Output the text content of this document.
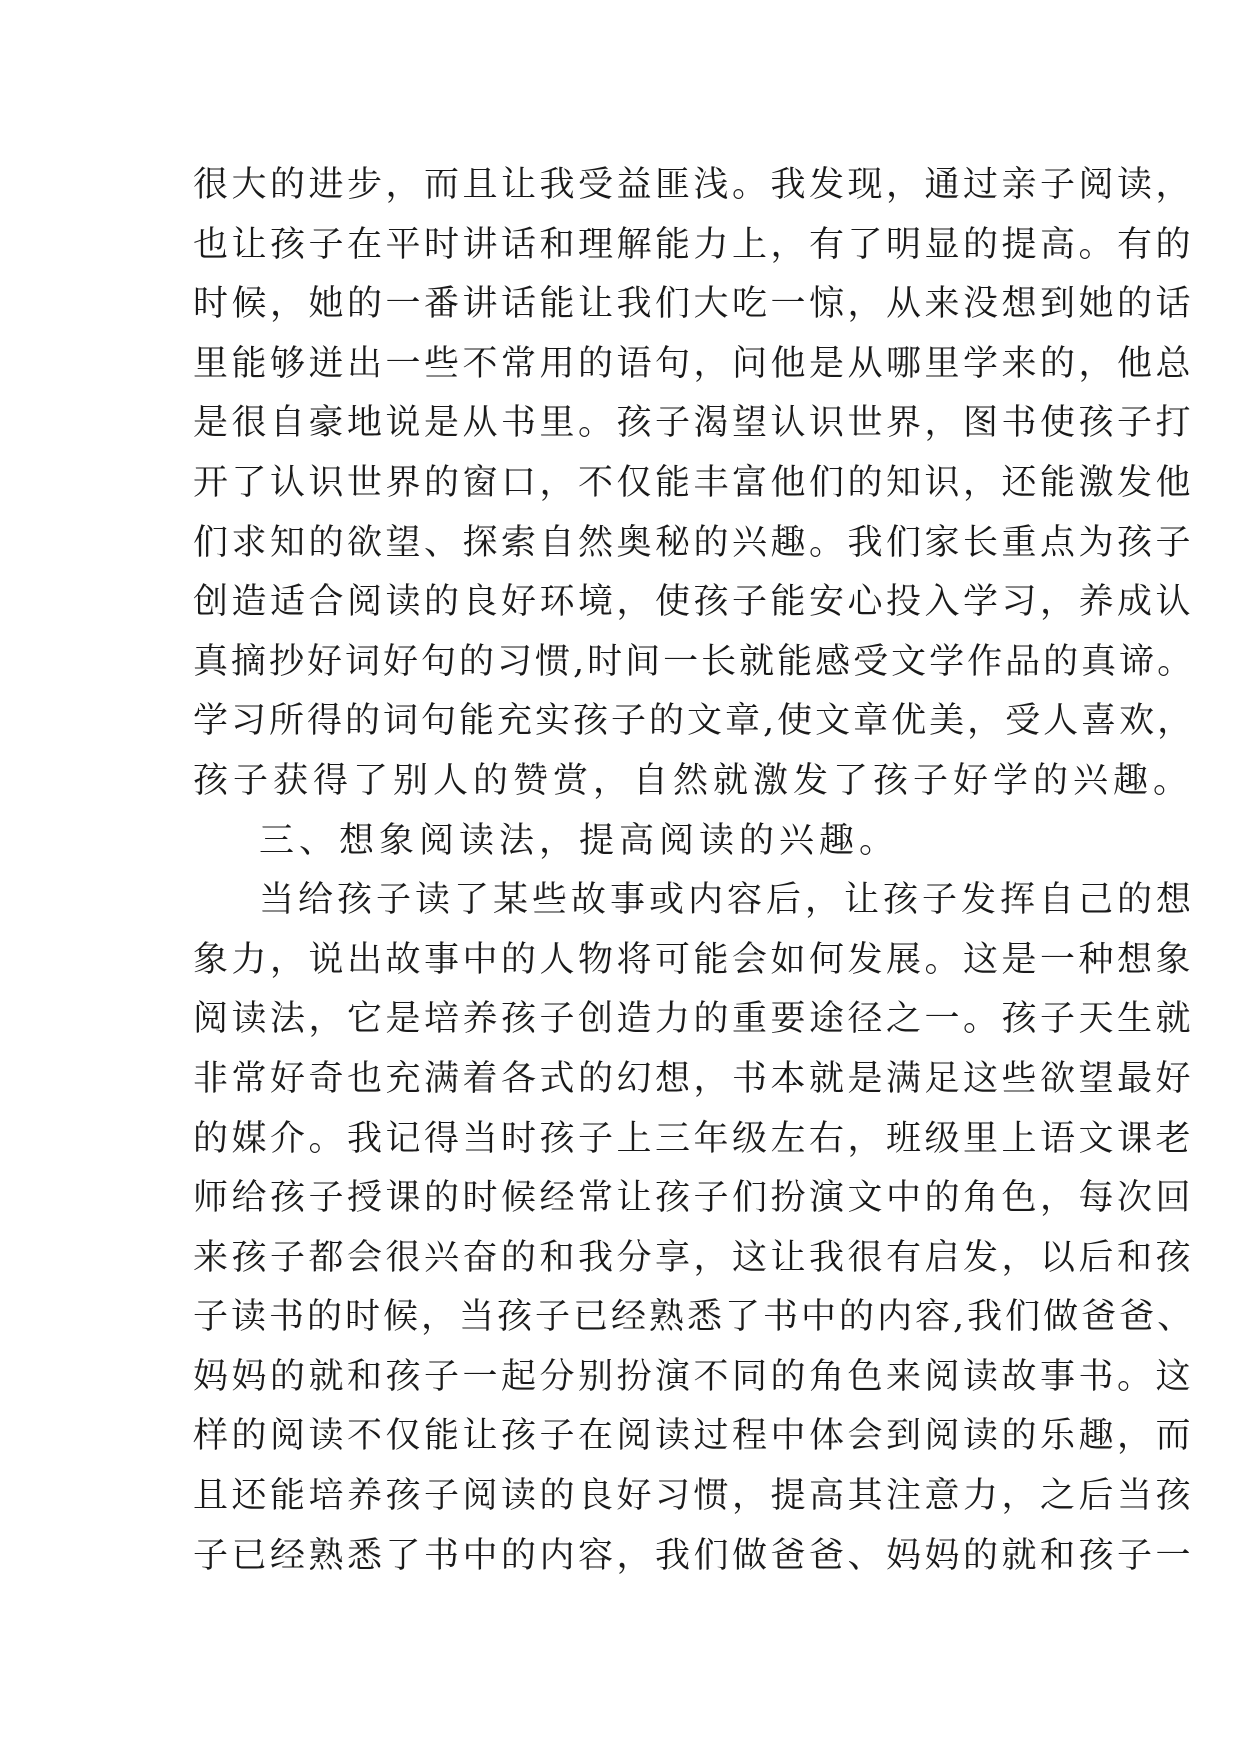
很大的进步，而且让我受益匪浅。我发现，通过亲子阅读，
也让孩子在平时讲话和理解能力上，有了明显的提高。有的
时候，她的一番讲话能让我们大吃一惊，从来没想到她的话
里能够迸出一些不常用的语句，问他是从哪里学来的，他总
是很自豪地说是从书里。孩子渴望认识世界，图书使孩子打
开了认识世界的窗口，不仅能丰富他们的知识，还能激发他
们求知的欲望、探索自然奥秘的兴趣。我们家长重点为孩子
创造适合阅读的良好环境，使孩子能安心投入学习，养成认
真摘抄好词好句的习惯,时间一长就能感受文学作品的真谛。
学习所得的词句能充实孩子的文章,使文章优美，受人喜欢，
孩子获得了别人的赞赏，自然就激发了孩子好学的兴趣。
三、想象阅读法，提高阅读的兴趣。
当给孩子读了某些故事或内容后，让孩子发挥自己的想
象力，说出故事中的人物将可能会如何发展。这是一种想象
阅读法，它是培养孩子创造力的重要途径之一。孩子天生就
非常好奇也充满着各式的幻想，书本就是满足这些欲望最好
的媒介。我记得当时孩子上三年级左右，班级里上语文课老
师给孩子授课的时候经常让孩子们扮演文中的角色，每次回
来孩子都会很兴奋的和我分享，这让我很有启发，以后和孩
子读书的时候，当孩子已经熟悉了书中的内容,我们做爸爸、
妈妈的就和孩子一起分别扮演不同的角色来阅读故事书。这
样的阅读不仅能让孩子在阅读过程中体会到阅读的乐趣，而
且还能培养孩子阅读的良好习惯，提高其注意力，之后当孩
子已经熟悉了书中的内容，我们做爸爸、妈妈的就和孩子一
